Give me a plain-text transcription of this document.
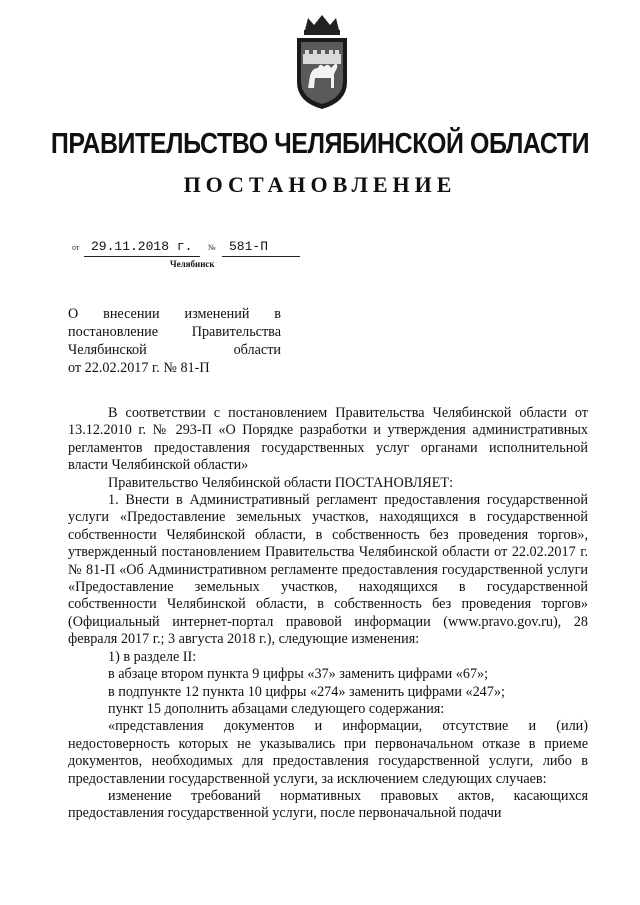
ПРАВИТЕЛЬСТВО ЧЕЛЯБИНСКОЙ ОБЛАСТИ
ПОСТАНОВЛЕНИЕ
от 29.11.2018 г. № 581-П
Челябинск
О внесении изменений в
постановление Правительства
Челябинской области
от 22.02.2017 г. № 81-П

В соответствии с постановлением Правительства Челябинской области от 13.12.2010 г. № 293-П «О Порядке разработки и утверждения административных регламентов предоставления государственных услуг органами исполнительной власти Челябинской области»

Правительство Челябинской области ПОСТАНОВЛЯЕТ:

1. Внести в Административный регламент предоставления государственной услуги «Предоставление земельных участков, находящихся в государственной собственности Челябинской области, в собственность без проведения торгов», утвержденный постановлением Правительства Челябинской области от 22.02.2017 г. № 81-П «Об Административном регламенте предоставления государственной услуги «Предоставление земельных участков, находящихся в государственной собственности Челябинской области, в собственность без проведения торгов» (Официальный интернет-портал правовой информации (www.pravo.gov.ru), 28 февраля 2017 г.; 3 августа 2018 г.), следующие изменения:

1) в разделе II:

в абзаце втором пункта 9 цифры «37» заменить цифрами «67»;

в подпункте 12 пункта 10 цифры «274» заменить цифрами «247»;

пункт 15 дополнить абзацами следующего содержания:

«представления документов и информации, отсутствие и (или) недостоверность которых не указывались при первоначальном отказе в приеме документов, необходимых для предоставления государственной услуги, либо в предоставлении государственной услуги, за исключением следующих случаев:

изменение требований нормативных правовых актов, касающихся предоставления государственной услуги, после первоначальной подачи
